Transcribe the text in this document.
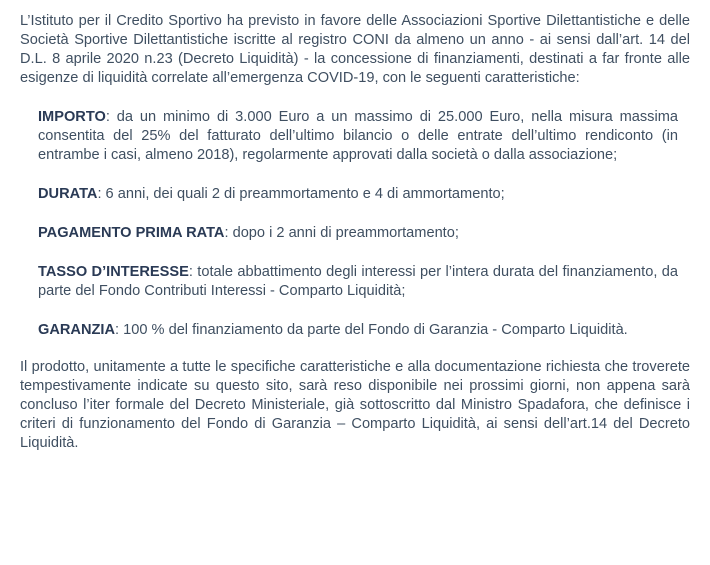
L’Istituto per il Credito Sportivo ha previsto in favore delle Associazioni Sportive Dilettantistiche e delle Società Sportive Dilettantistiche iscritte al registro CONI da almeno un anno - ai sensi dall’art. 14 del D.L. 8 aprile 2020 n.23 (Decreto Liquidità) - la concessione di finanziamenti, destinati a far fronte alle esigenze di liquidità correlate all’emergenza COVID-19, con le seguenti caratteristiche:

IMPORTO: da un minimo di 3.000 Euro a un massimo di 25.000 Euro, nella misura massima consentita del 25% del fatturato dell’ultimo bilancio o delle entrate dell’ultimo rendiconto (in entrambe i casi, almeno 2018), regolarmente approvati dalla società o dalla associazione;

DURATA: 6 anni, dei quali 2 di preammortamento e 4 di ammortamento;

PAGAMENTO PRIMA RATA: dopo i 2 anni di preammortamento;

TASSO D’INTERESSE: totale abbattimento degli interessi per l’intera durata del finanziamento, da parte del Fondo Contributi Interessi - Comparto Liquidità;

GARANZIA: 100 % del finanziamento da parte del Fondo di Garanzia - Comparto Liquidità.

Il prodotto, unitamente a tutte le specifiche caratteristiche e alla documentazione richiesta che troverete tempestivamente indicate su questo sito, sarà reso disponibile nei prossimi giorni, non appena sarà concluso l’iter formale del Decreto Ministeriale, già sottoscritto dal Ministro Spadafora, che definisce i criteri di funzionamento del Fondo di Garanzia – Comparto Liquidità, ai sensi dell’art.14 del Decreto Liquidità.
